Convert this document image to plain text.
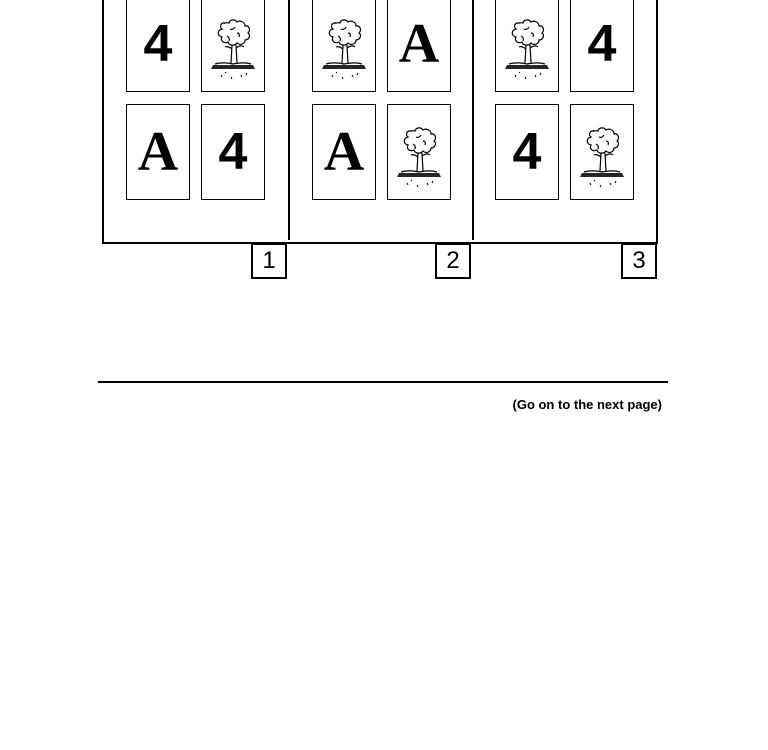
4
A 4
A
A
4
4
1	2	3
(Go on to the next page)
